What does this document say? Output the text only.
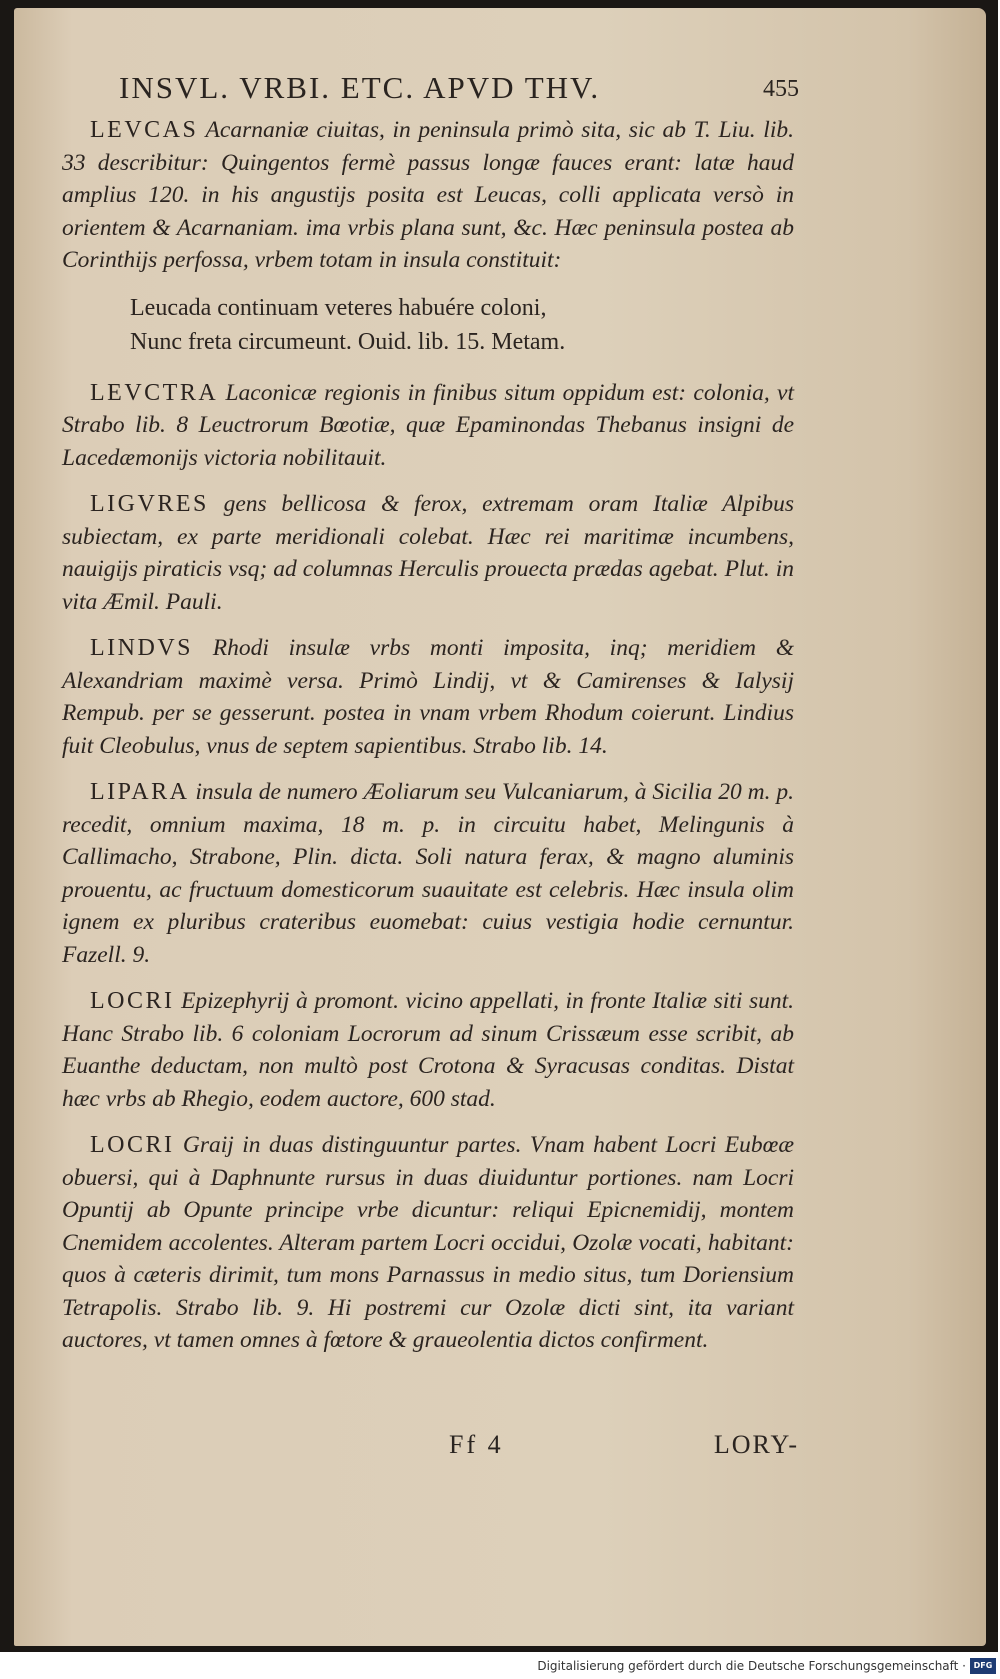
INSVL. VRBI. ETC. APVD THV.	455

LEVCAS Acarnaniæ ciuitas, in peninsula primò sita, sic ab T. Liu. lib. 33 describitur: Quingentos fermè passus longæ fauces erant: latæ haud amplius 120. in his angustijs posita est Leucas, colli applicata versò in orientem & Acarnaniam. ima vrbis plana sunt, &c. Hæc peninsula postea ab Corinthijs perfossa, vrbem totam in insula constituit:

Leucada continuam veteres habuére coloni,
Nunc freta circumeunt. Ouid. lib. 15. Metam.

LEVCTRA Laconicæ regionis in finibus situm oppidum est: colonia, vt Strabo lib. 8 Leuctrorum Bœotiæ, quæ Epaminondas Thebanus insigni de Lacedæmonijs victoria nobilitauit.

LIGVRES gens bellicosa & ferox, extremam oram Italiæ Alpibus subiectam, ex parte meridionali colebat. Hæc rei maritimæ incumbens, nauigijs piraticis vsq; ad columnas Herculis prouecta prædas agebat. Plut. in vita Æmil. Pauli.

LINDVS Rhodi insulæ vrbs monti imposita, inq; meridiem & Alexandriam maximè versa. Primò Lindij, vt & Camirenses & Ialysij Rempub. per se gesserunt. postea in vnam vrbem Rhodum coierunt. Lindius fuit Cleobulus, vnus de septem sapientibus. Strabo lib. 14.

LIPARA insula de numero Æoliarum seu Vulcaniarum, à Sicilia 20 m. p. recedit, omnium maxima, 18 m. p. in circuitu habet, Melingunis à Callimacho, Strabone, Plin. dicta. Soli natura ferax, & magno aluminis prouentu, ac fructuum domesticorum suauitate est celebris. Hæc insula olim ignem ex pluribus crateribus euomebat: cuius vestigia hodie cernuntur. Fazell. 9.

LOCRI Epizephyrij à promont. vicino appellati, in fronte Italiæ siti sunt. Hanc Strabo lib. 6 coloniam Locrorum ad sinum Crissæum esse scribit, ab Euanthe deductam, non multò post Crotona & Syracusas conditas. Distat hæc vrbs ab Rhegio, eodem auctore, 600 stad.

LOCRI Graij in duas distinguuntur partes. Vnam habent Locri Eubœæ obuersi, qui à Daphnunte rursus in duas diuiduntur portiones. nam Locri Opuntij ab Opunte principe vrbe dicuntur: reliqui Epicnemidij, montem Cnemidem accolentes. Alteram partem Locri occidui, Ozolæ vocati, habitant: quos à cæteris dirimit, tum mons Parnassus in medio situs, tum Doriensium Tetrapolis. Strabo lib. 9. Hi postremi cur Ozolæ dicti sint, ita variant auctores, vt tamen omnes à fœtore & graueolentia dictos confirment.

Ff 4	LORY-
Digitalisierung gefördert durch die Deutsche Forschungsgemeinschaft · DFG
